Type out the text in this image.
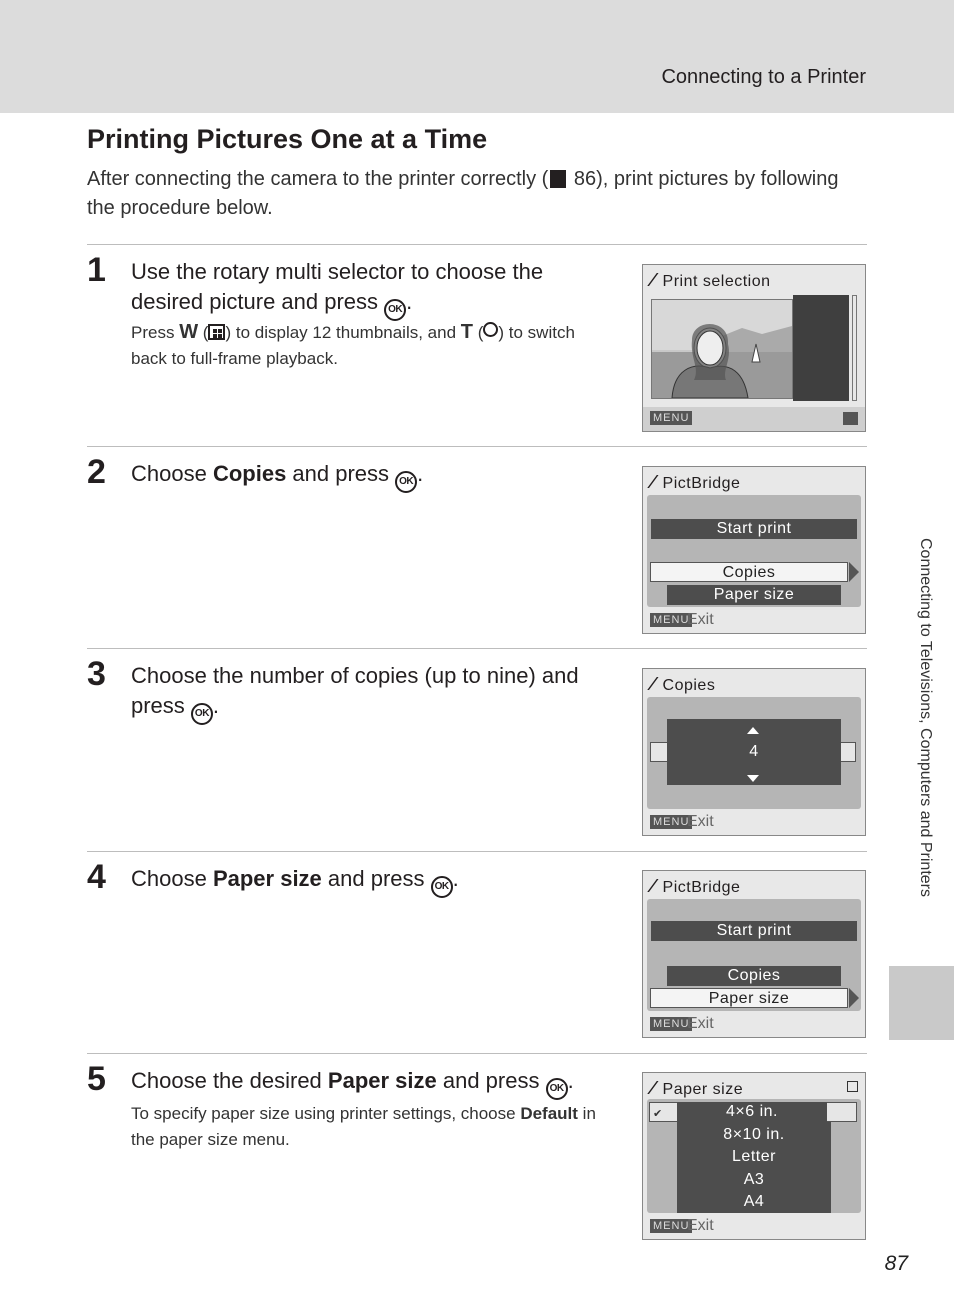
Connecting to a Printer
Printing Pictures One at a Time
After connecting the camera to the printer correctly ( 86), print pictures by following the procedure below.
Connecting to Televisions, Computers and Printers
1 Use the rotary multi selector to choose the desired picture and press OK .
Press W ( ) to display 12 thumbnails, and T ( ) to switch back to full-frame playback.
⁄ Print selection
MENU
2 Choose Copies and press OK .	⁄ PictBridge
Start print
Copies
Paper size
MENU
Exit
3 Choose the number of copies (up to nine) and press OK .
⁄ Copies
4
MENU
Exit
4 Choose Paper size and press OK .	⁄ PictBridge
Start print
Copies
Paper size
MENU
Exit
5 Choose the desired Paper size and press OK .
To specify paper size using printer settings, choose Default in the paper size menu.
⁄ Paper size
✔	4×6 in.
8×10 in.
Letter
A3
A4
MENU
Exit
87
